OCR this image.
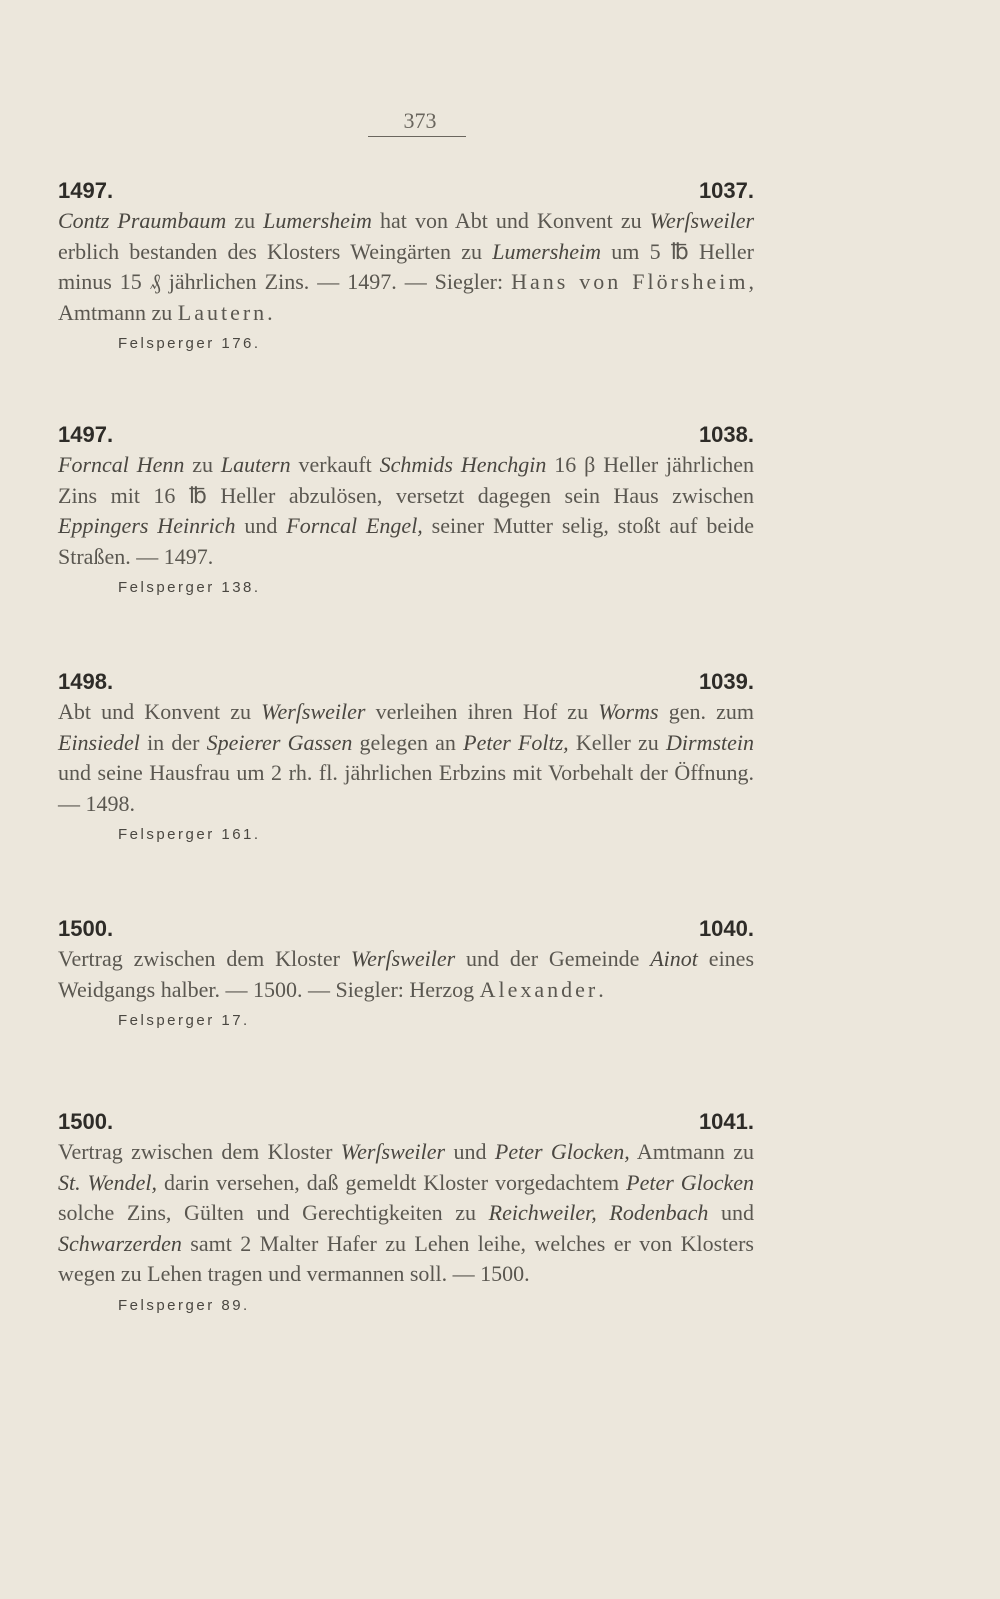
373
1497.	1037.

Contz Praumbaum zu Lumersheim hat von Abt und Konvent zu Werſsweiler erblich bestanden des Klosters Weingärten zu Lumersheim um 5 ℔ Heller minus 15 ₰ jährlichen Zins. — 1497. — Siegler: Hans von Flörsheim, Amtmann zu Lautern.

Felsperger 176.
1497.	1038.

Forncal Henn zu Lautern verkauft Schmids Henchgin 16 β Heller jährlichen Zins mit 16 ℔ Heller abzulösen, versetzt dagegen sein Haus zwischen Eppingers Heinrich und Forncal Engel, seiner Mutter selig, stoßt auf beide Straßen. — 1497.

Felsperger 138.
1498.	1039.

Abt und Konvent zu Werſsweiler verleihen ihren Hof zu Worms gen. zum Einsiedel in der Speierer Gassen gelegen an Peter Foltz, Keller zu Dirmstein und seine Hausfrau um 2 rh. fl. jährlichen Erbzins mit Vorbehalt der Öffnung. — 1498.

Felsperger 161.
1500.	1040.

Vertrag zwischen dem Kloster Werſsweiler und der Gemeinde Ainot eines Weidgangs halber. — 1500. — Siegler: Herzog Alexander.

Felsperger 17.
1500.	1041.

Vertrag zwischen dem Kloster Werſsweiler und Peter Glocken, Amtmann zu St. Wendel, darin versehen, daß gemeldt Kloster vorgedachtem Peter Glocken solche Zins, Gülten und Gerechtigkeiten zu Reichweiler, Rodenbach und Schwarzerden samt 2 Malter Hafer zu Lehen leihe, welches er von Klosters wegen zu Lehen tragen und vermannen soll. — 1500.

Felsperger 89.
